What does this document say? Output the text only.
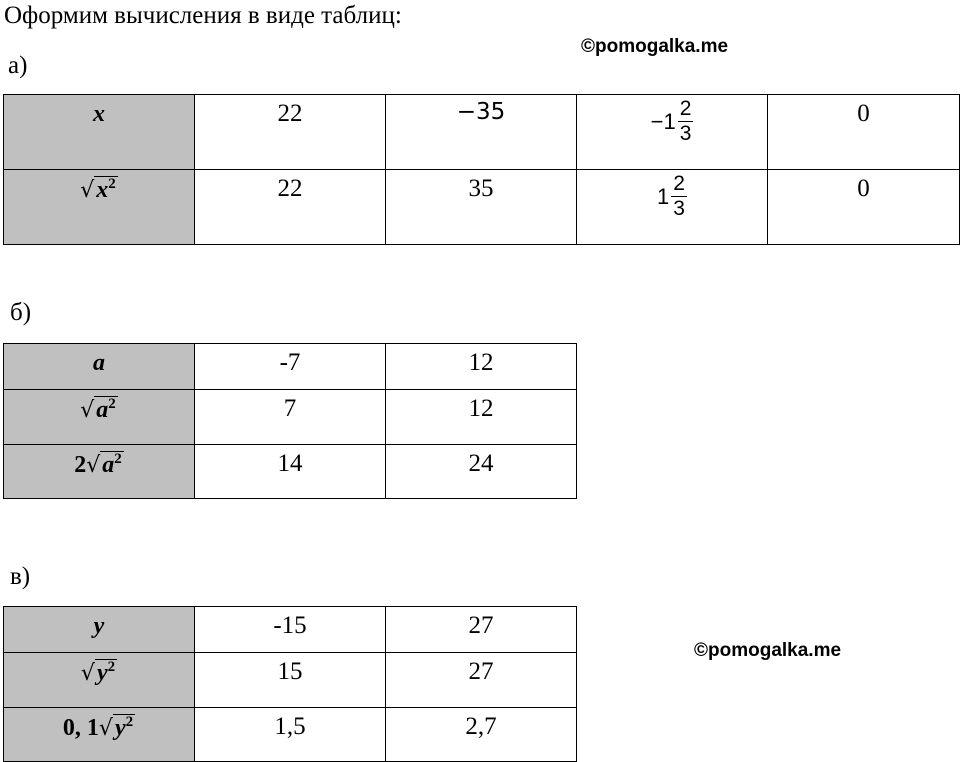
Оформим вычисления в виде таблиц:
©pomogalka.me
а)
x	22	−35	$-1 \frac{2}{3}$	0

$√x^2$	22	35	$1 \frac{2}{3}$	0
б)
a	-7	12

$√a^2$	7	12

$2√a^2$	14	24
в)
©pomogalka.me
y	-15	27

$√y^2$	15	27

0, $1√y^2$	1,5	2,7
